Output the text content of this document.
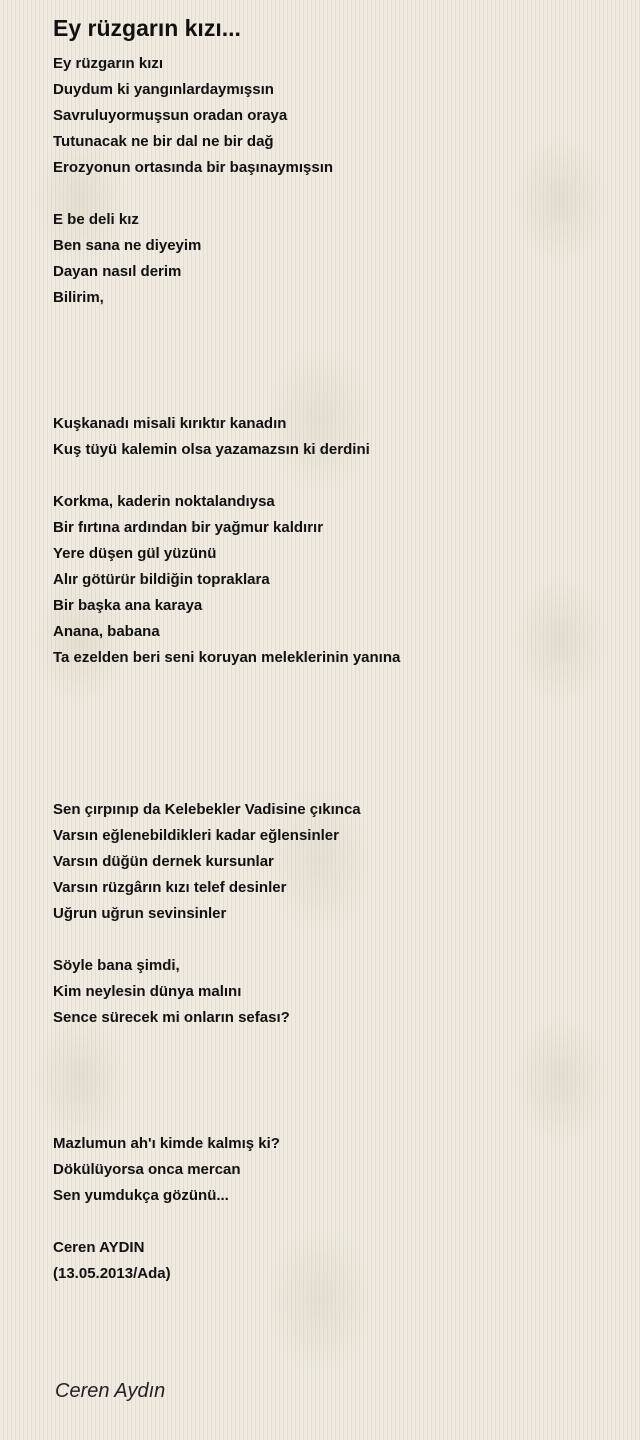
Ey rüzgarın kızı...
Ey rüzgarın kızı
Duydum ki yangınlardaymışsın
Savruluyormuşsun oradan oraya
Tutunacak ne bir dal ne bir dağ
Erozyonun ortasında bir başınaymışsın
E be deli kız
Ben sana ne diyeyim
Dayan nasıl derim
Bilirim,
Kuşkanadı misali kırıktır kanadın
Kuş tüyü kalemin olsa yazamazsın ki derdini
Korkma, kaderin noktalandıysa
Bir fırtına ardından bir yağmur kaldırır
Yere düşen gül yüzünü
Alır götürür bildiğin topraklara
Bir başka ana karaya
Anana, babana
Ta ezelden beri seni koruyan meleklerinin yanına
Sen çırpınıp da Kelebekler Vadisine çıkınca
Varsın eğlenebildikleri kadar eğlensinler
Varsın düğün dernek kursunlar
Varsın rüzgârın kızı telef desinler
Uğrun uğrun sevinsinler
Söyle bana şimdi,
Kim neylesin dünya malını
Sence sürecek mi onların sefası?
Mazlumun ah'ı kimde kalmış ki?
Dökülüyorsa onca mercan
Sen yumdukça gözünü...
Ceren AYDIN
(13.05.2013/Ada)
Ceren Aydın
